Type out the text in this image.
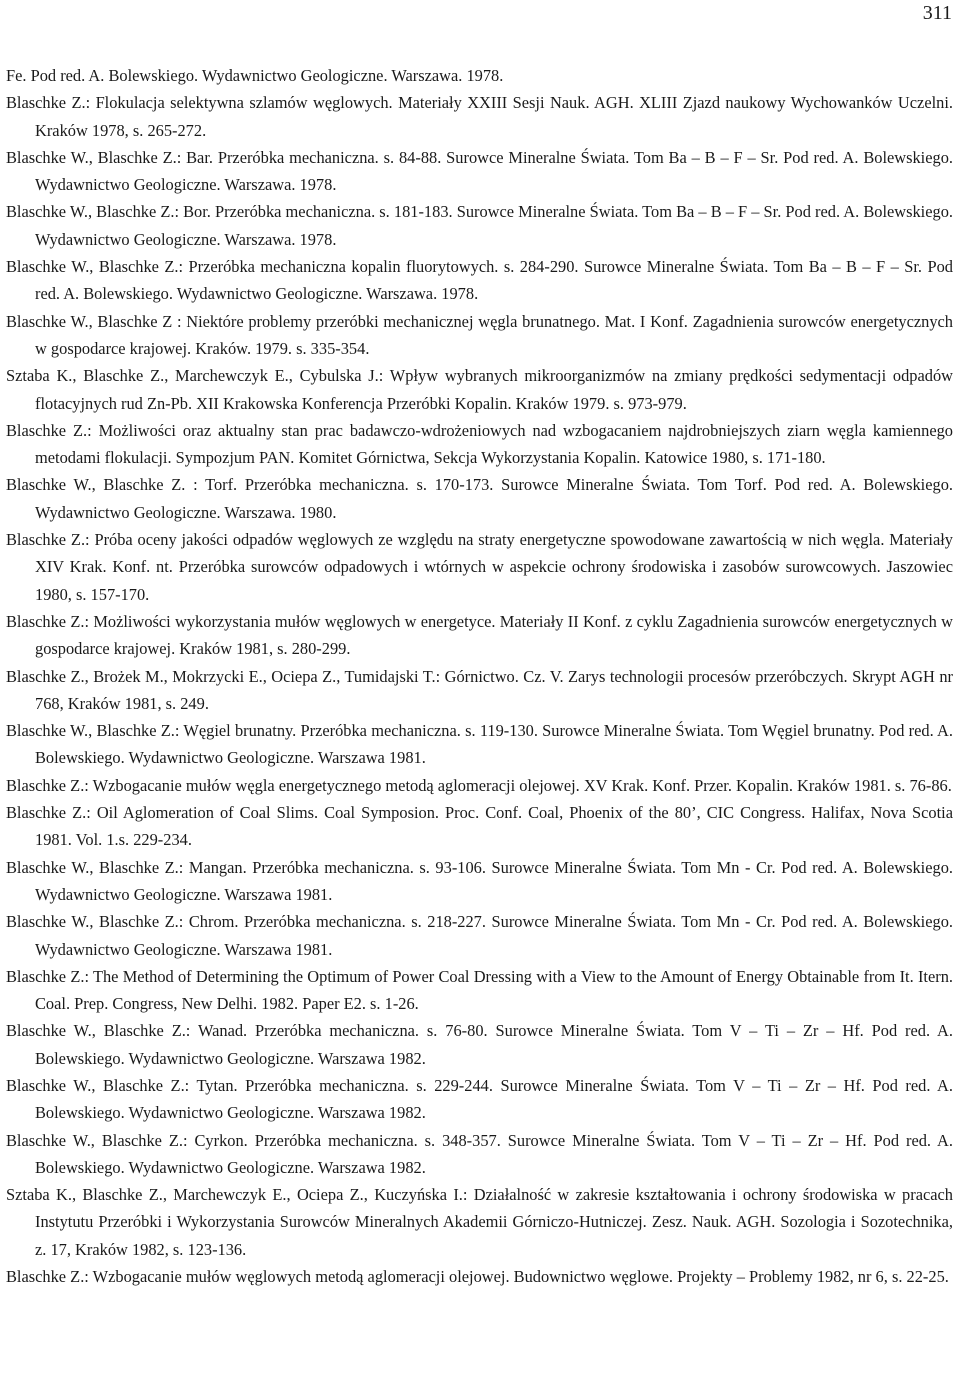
311

Fe. Pod red. A. Bolewskiego. Wydawnictwo Geologiczne. Warszawa. 1978.

Blaschke Z.: Flokulacja selektywna szlamów węglowych. Materiały XXIII Sesji Nauk. AGH. XLIII Zjazd naukowy Wychowanków Uczelni. Kraków 1978, s. 265-272.

Blaschke W., Blaschke Z.: Bar. Przeróbka mechaniczna. s. 84-88. Surowce Mineralne Świata. Tom Ba – B – F – Sr. Pod red. A. Bolewskiego. Wydawnictwo Geologiczne. Warszawa. 1978.

Blaschke W., Blaschke Z.: Bor. Przeróbka mechaniczna. s. 181-183. Surowce Mineralne Świata. Tom Ba – B – F – Sr. Pod red. A. Bolewskiego. Wydawnictwo Geologiczne. Warszawa. 1978.

Blaschke W., Blaschke Z.: Przeróbka mechaniczna kopalin fluorytowych. s. 284-290. Surowce Mineralne Świata. Tom Ba – B – F – Sr. Pod red. A. Bolewskiego. Wydawnictwo Geologiczne. Warszawa. 1978.

Blaschke W., Blaschke Z : Niektóre problemy przeróbki mechanicznej węgla brunatnego. Mat. I Konf. Zagadnienia surowców energetycznych w gospodarce krajowej. Kraków. 1979. s. 335-354.

Sztaba K., Blaschke Z., Marchewczyk E., Cybulska J.: Wpływ wybranych mikroorganizmów na zmiany prędkości sedymentacji odpadów flotacyjnych rud Zn-Pb. XII Krakowska Konferencja Przeróbki Kopalin. Kraków 1979. s. 973-979.

Blaschke Z.: Możliwości oraz aktualny stan prac badawczo-wdrożeniowych nad wzbogacaniem najdrobniejszych ziarn węgla kamiennego metodami flokulacji. Sympozjum PAN. Komitet Górnictwa, Sekcja Wykorzystania Kopalin. Katowice 1980, s. 171-180.

Blaschke W., Blaschke Z. : Torf. Przeróbka mechaniczna. s. 170-173. Surowce Mineralne Świata. Tom Torf. Pod red. A. Bolewskiego. Wydawnictwo Geologiczne. Warszawa. 1980.

Blaschke Z.: Próba oceny jakości odpadów węglowych ze względu na straty energetyczne spowodowane zawartością w nich węgla. Materiały XIV Krak. Konf. nt. Przeróbka surowców odpadowych i wtórnych w aspekcie ochrony środowiska i zasobów surowcowych. Jaszowiec 1980, s. 157-170.

Blaschke Z.: Możliwości wykorzystania mułów węglowych w energetyce. Materiały II Konf. z cyklu Zagadnienia surowców energetycznych w gospodarce krajowej. Kraków 1981, s. 280-299.

Blaschke Z., Brożek M., Mokrzycki E., Ociepa Z., Tumidajski T.: Górnictwo. Cz. V. Zarys technologii procesów przeróbczych. Skrypt AGH nr 768, Kraków 1981, s. 249.

Blaschke W., Blaschke Z.: Węgiel brunatny. Przeróbka mechaniczna. s. 119-130. Surowce Mineralne Świata. Tom Węgiel brunatny. Pod red. A. Bolewskiego. Wydawnictwo Geologiczne. Warszawa 1981.

Blaschke Z.: Wzbogacanie mułów węgla energetycznego metodą aglomeracji olejowej. XV Krak. Konf. Przer. Kopalin. Kraków 1981. s. 76-86.

Blaschke Z.: Oil Aglomeration of Coal Slims. Coal Symposion. Proc. Conf. Coal, Phoenix of the 80’, CIC Congress. Halifax, Nova Scotia 1981. Vol. 1.s. 229-234.

Blaschke W., Blaschke Z.: Mangan. Przeróbka mechaniczna. s. 93-106. Surowce Mineralne Świata. Tom Mn - Cr. Pod red. A. Bolewskiego. Wydawnictwo Geologiczne. Warszawa 1981.

Blaschke W., Blaschke Z.: Chrom. Przeróbka mechaniczna. s. 218-227. Surowce Mineralne Świata. Tom Mn - Cr. Pod red. A. Bolewskiego. Wydawnictwo Geologiczne. Warszawa 1981.

Blaschke Z.: The Method of Determining the Optimum of Power Coal Dressing with a View to the Amount of Energy Obtainable from It. Itern. Coal. Prep. Congress, New Delhi. 1982. Paper E2. s. 1-26.

Blaschke W., Blaschke Z.: Wanad. Przeróbka mechaniczna. s. 76-80. Surowce Mineralne Świata. Tom V – Ti – Zr – Hf. Pod red. A. Bolewskiego. Wydawnictwo Geologiczne. Warszawa 1982.

Blaschke W., Blaschke Z.: Tytan. Przeróbka mechaniczna. s. 229-244. Surowce Mineralne Świata. Tom V – Ti – Zr – Hf. Pod red. A. Bolewskiego. Wydawnictwo Geologiczne. Warszawa 1982.

Blaschke W., Blaschke Z.: Cyrkon. Przeróbka mechaniczna. s. 348-357. Surowce Mineralne Świata. Tom V – Ti – Zr – Hf. Pod red. A. Bolewskiego. Wydawnictwo Geologiczne. Warszawa 1982.

Sztaba K., Blaschke Z., Marchewczyk E., Ociepa Z., Kuczyńska I.: Działalność w zakresie kształtowania i ochrony środowiska w pracach Instytutu Przeróbki i Wykorzystania Surowców Mineralnych Akademii Górniczo-Hutniczej. Zesz. Nauk. AGH. Sozologia i Sozotechnika, z. 17, Kraków 1982, s. 123-136.

Blaschke Z.: Wzbogacanie mułów węglowych metodą aglomeracji olejowej. Budownictwo węglowe. Projekty – Problemy 1982, nr 6, s. 22-25.
